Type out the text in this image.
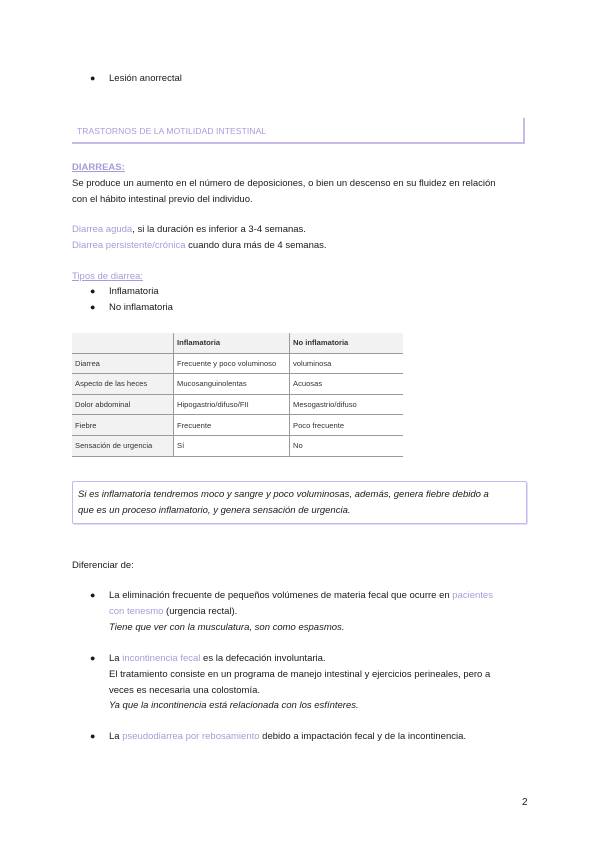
● Lesión anorrectal
TRASTORNOS DE LA MOTILIDAD INTESTINAL
DIARREAS:
Se produce un aumento en el número de deposiciones, o bien un descenso en su fluidez en relación
con el hábito intestinal previo del individuo.
Diarrea aguda, si la duración es inferior a 3-4 semanas.
Diarrea persistente/crónica cuando dura más de 4 semanas.
Tipos de diarrea:
● Inflamatoria
● No inflamatoria
	Inflamatoria	No inflamatoria
Diarrea	Frecuente y poco voluminoso	voluminosa
Aspecto de las heces	Mucosanguinolentas	Acuosas
Dolor abdominal	Hipogastrio/difuso/FII	Mesogastrio/difuso
Fiebre	Frecuente	Poco frecuente
Sensación de urgencia	Sí	No
Si es inflamatoria tendremos moco y sangre y poco voluminosas, además, genera fiebre debido a
que es un proceso inflamatorio, y genera sensación de urgencia.
Diferenciar de:
● La eliminación frecuente de pequeños volúmenes de materia fecal que ocurre en pacientes
con tenesmo (urgencia rectal).
Tiene que ver con la musculatura, son como espasmos.
● La incontinencia fecal es la defecación involuntaria.
El tratamiento consiste en un programa de manejo intestinal y ejercicios perineales, pero a
veces es necesaria una colostomía.
Ya que la incontinencia está relacionada con los esfínteres.
● La pseudodiarrea por rebosamiento debido a impactación fecal y de la incontinencia.
2
